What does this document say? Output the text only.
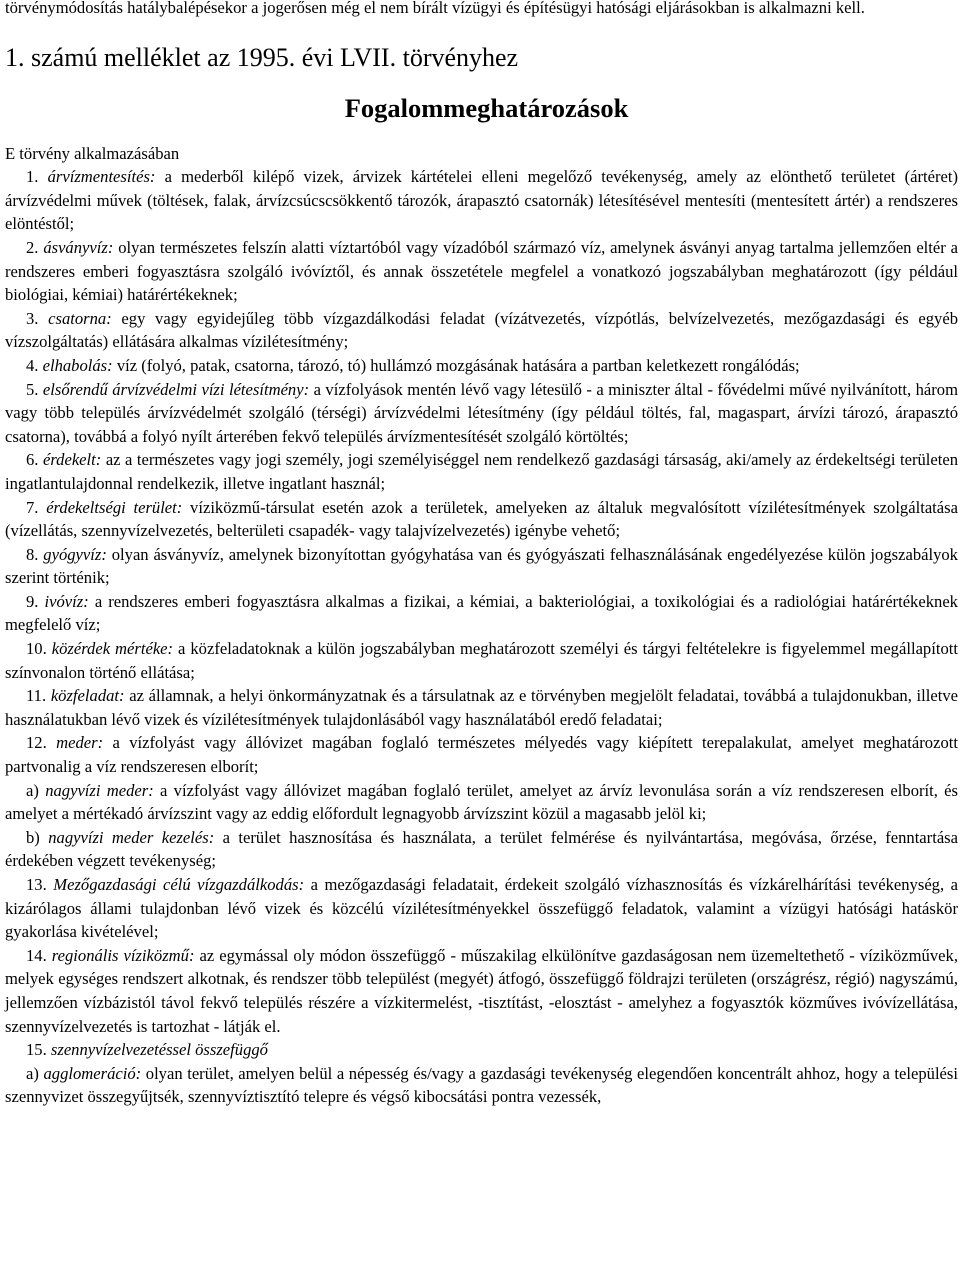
törvénymódosítás hatálybalépésekor a jogerősen még el nem bírált vízügyi és építésügyi hatósági eljárásokban is alkalmazni kell.

1. számú melléklet az 1995. évi LVII. törvényhez
Fogalommeghatározások

E törvény alkalmazásában

1. árvízmentesítés: a mederből kilépő vizek, árvizek kártételei elleni megelőző tevékenység, amely az elönthető területet (ártéret) árvízvédelmi művek (töltések, falak, árvízcsúcscsökkentő tározók, árapasztó csatornák) létesítésével mentesíti (mentesített ártér) a rendszeres elöntéstől;

2. ásványvíz: olyan természetes felszín alatti víztartóból vagy vízadóból származó víz, amelynek ásványi anyag tartalma jellemzően eltér a rendszeres emberi fogyasztásra szolgáló ivóvíztől, és annak összetétele megfelel a vonatkozó jogszabályban meghatározott (így például biológiai, kémiai) határértékeknek;

3. csatorna: egy vagy egyidejűleg több vízgazdálkodási feladat (vízátvezetés, vízpótlás, belvízelvezetés, mezőgazdasági és egyéb vízszolgáltatás) ellátására alkalmas vízilétesítmény;

4. elhabolás: víz (folyó, patak, csatorna, tározó, tó) hullámzó mozgásának hatására a partban keletkezett rongálódás;

5. elsőrendű árvízvédelmi vízi létesítmény: a vízfolyások mentén lévő vagy létesülő - a miniszter által - fővédelmi művé nyilvánított, három vagy több település árvízvédelmét szolgáló (térségi) árvízvédelmi létesítmény (így például töltés, fal, magaspart, árvízi tározó, árapasztó csatorna), továbbá a folyó nyílt árterében fekvő település árvízmentesítését szolgáló körtöltés;

6. érdekelt: az a természetes vagy jogi személy, jogi személyiséggel nem rendelkező gazdasági társaság, aki/amely az érdekeltségi területen ingatlantulajdonnal rendelkezik, illetve ingatlant használ;

7. érdekeltségi terület: víziközmű-társulat esetén azok a területek, amelyeken az általuk megvalósított vízilétesítmények szolgáltatása (vízellátás, szennyvízelvezetés, belterületi csapadék- vagy talajvízelvezetés) igénybe vehető;

8. gyógyvíz: olyan ásványvíz, amelynek bizonyítottan gyógyhatása van és gyógyászati felhasználásának engedélyezése külön jogszabályok szerint történik;

9. ivóvíz: a rendszeres emberi fogyasztásra alkalmas a fizikai, a kémiai, a bakteriológiai, a toxikológiai és a radiológiai határértékeknek megfelelő víz;

10. közérdek mértéke: a közfeladatoknak a külön jogszabályban meghatározott személyi és tárgyi feltételekre is figyelemmel megállapított színvonalon történő ellátása;

11. közfeladat: az államnak, a helyi önkormányzatnak és a társulatnak az e törvényben megjelölt feladatai, továbbá a tulajdonukban, illetve használatukban lévő vizek és vízilétesítmények tulajdonlásából vagy használatából eredő feladatai;

12. meder: a vízfolyást vagy állóvizet magában foglaló természetes mélyedés vagy kiépített terepalakulat, amelyet meghatározott partvonalig a víz rendszeresen elborít;

a) nagyvízi meder: a vízfolyást vagy állóvizet magában foglaló terület, amelyet az árvíz levonulása során a víz rendszeresen elborít, és amelyet a mértékadó árvízszint vagy az eddig előfordult legnagyobb árvízszint közül a magasabb jelöl ki;

b) nagyvízi meder kezelés: a terület hasznosítása és használata, a terület felmérése és nyilvántartása, megóvása, őrzése, fenntartása érdekében végzett tevékenység;

13. Mezőgazdasági célú vízgazdálkodás: a mezőgazdasági feladatait, érdekeit szolgáló vízhasznosítás és vízkárelhárítási tevékenység, a kizárólagos állami tulajdonban lévő vizek és közcélú vízilétesítményekkel összefüggő feladatok, valamint a vízügyi hatósági hatáskör gyakorlása kivételével;

14. regionális víziközmű: az egymással oly módon összefüggő - műszakilag elkülönítve gazdaságosan nem üzemeltethető - víziközművek, melyek egységes rendszert alkotnak, és rendszer több települést (megyét) átfogó, összefüggő földrajzi területen (országrész, régió) nagyszámú, jellemzően vízbázistól távol fekvő település részére a vízkitermelést, -tisztítást, -elosztást - amelyhez a fogyasztók közműves ivóvízellátása, szennyvízelvezetés is tartozhat - látják el.

15. szennyvízelvezetéssel összefüggő

a) agglomeráció: olyan terület, amelyen belül a népesség és/vagy a gazdasági tevékenység elegendően koncentrált ahhoz, hogy a települési szennyvizet összegyűjtsék, szennyvíztisztító telepre és végső kibocsátási pontra vezessék,
